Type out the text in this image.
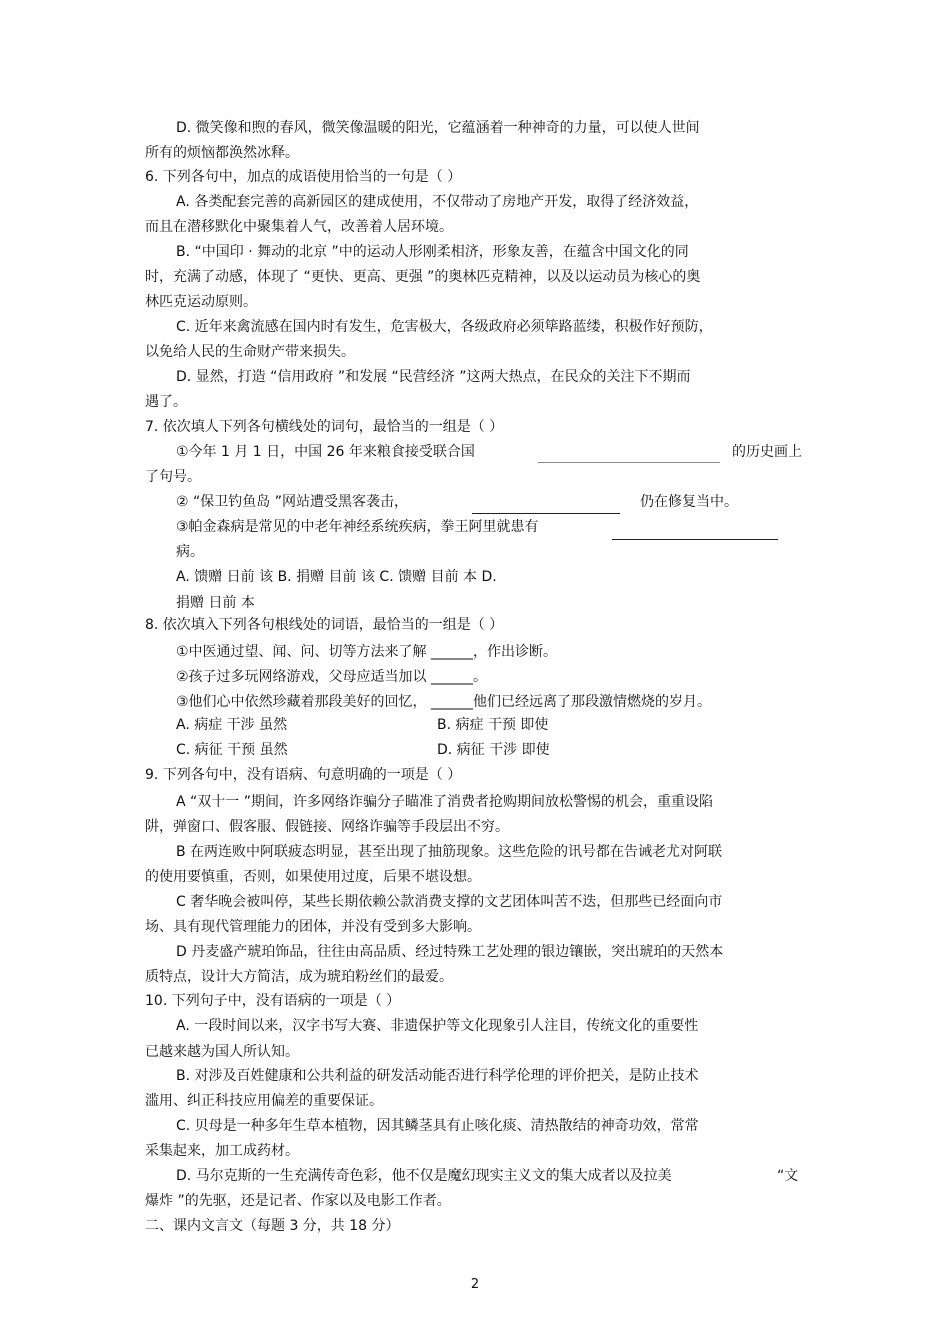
D. 微笑像和煦的春风，微笑像温暖的阳光，它蕴涵着一种神奇的力量，可以使人世间
所有的烦恼都涣然冰释。
6. 下列各句中，加点的成语使用恰当的一句是（ ）
A. 各类配套完善的高新园区的建成使用，不仅带动了房地产开发，取得了经济效益，
而且在潜移默化中聚集着人气，改善着人居环境。
B. “中国印 · 舞动的北京 ”中的运动人形刚柔相济，形象友善，在蕴含中国文化的同
时，充满了动感，体现了 “更快、更高、更强 ”的奥林匹克精神，以及以运动员为核心的奥
林匹克运动原则。
C. 近年来禽流感在国内时有发生，危害极大，各级政府必须筚路蓝缕，积极作好预防，
以免给人民的生命财产带来损失。
D. 显然，打造 “信用政府 ”和发展 “民营经济 ”这两大热点，在民众的关注下不期而
遇了。
7. 依次填人下列各句横线处的词句，最恰当的一组是（ ）
①今年 1 月 1 日，中国 26 年来粮食接受联合国	的历史画上
了句号。
② “保卫钓鱼岛 ”网站遭受黑客袭击，	仍在修复当中。
③帕金森病是常见的中老年神经系统疾病，拳王阿里就患有
病。
A. 馈赠 日前 该 B. 捐赠 目前 该 C. 馈赠 目前 本 D.
捐赠 日前 本
8. 依次填入下列各句根线处的词语，最恰当的一组是（ ）
①中医通过望、闻、问、切等方法来了解 ______，作出诊断。
②孩子过多玩网络游戏，父母应适当加以 ______。
③他们心中依然珍藏着那段美好的回忆， ______他们已经远离了那段激情燃烧的岁月。
A. 病症 干涉 虽然	B. 病症 干预 即使
C. 病征 干预 虽然	D. 病征 干涉 即使
9. 下列各句中，没有语病、句意明确的一项是（ ）
A “双十一 ”期间，许多网络诈骗分子瞄准了消费者抢购期间放松警惕的机会，重重设陷
阱，弹窗口、假客服、假链接、网络诈骗等手段层出不穷。
B 在两连败中阿联疲态明显，甚至出现了抽筋现象。这些危险的讯号都在告诫老尤对阿联
的使用要慎重，否则，如果使用过度，后果不堪设想。
C 奢华晚会被叫停，某些长期依赖公款消费支撑的文艺团体叫苦不迭，但那些已经面向市
场、具有现代管理能力的团体，并没有受到多大影响。
D 丹麦盛产琥珀饰品，往往由高品质、经过特殊工艺处理的银边镶嵌，突出琥珀的天然本
质特点，设计大方简洁，成为琥珀粉丝们的最爱。
10. 下列句子中，没有语病的一项是（ ）
A. 一段时间以来，汉字书写大赛、非遗保护等文化现象引人注目，传统文化的重要性
已越来越为国人所认知。
B. 对涉及百姓健康和公共利益的研发活动能否进行科学伦理的评价把关，是防止技术
滥用、纠正科技应用偏差的重要保证。
C. 贝母是一种多年生草本植物，因其鳞茎具有止咳化痰、清热散结的神奇功效，常常
采集起来，加工成药材。
D. 马尔克斯的一生充满传奇色彩，他不仅是魔幻现实主义文的集大成者以及拉美	“文
爆炸 ”的先驱，还是记者、作家以及电影工作者。
二、课内文言文（每题 3 分，共 18 分）
2
